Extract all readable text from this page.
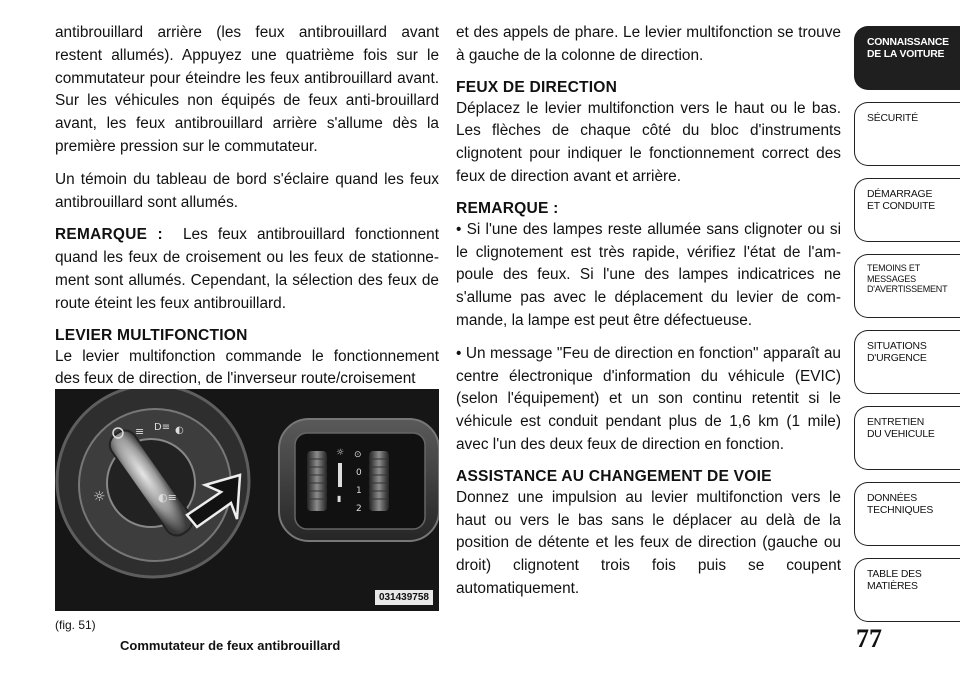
antibrouillard arrière (les feux antibrouillard avant restent allumés). Appuyez une quatrième fois sur le commutateur pour éteindre les feux antibrouillard avant. Sur les véhicules non équipés de feux anti-brouillard avant, les feux antibrouillard arrière s'allume dès la première pression sur le commutateur.

Un témoin du tableau de bord s'éclaire quand les feux antibrouillard sont allumés.

REMARQUE : Les feux antibrouillard fonctionnent quand les feux de croisement ou les feux de stationne-ment sont allumés. Cependant, la sélection des feux de route éteint les feux antibrouillard.

LEVIER MULTIFONCTION

Le levier multifonction commande le fonctionnement des feux de direction, de l'inverseur route/croisement

et des appels de phare. Le levier multifonction se trouve à gauche de la colonne de direction.

FEUX DE DIRECTION

Déplacez le levier multifonction vers le haut ou le bas. Les flèches de chaque côté du bloc d'instruments clignotent pour indiquer le fonctionnement correct des feux de direction avant et arrière.

REMARQUE :

• Si l'une des lampes reste allumée sans clignoter ou si le clignotement est très rapide, vérifiez l'état de l'am-poule des feux. Si l'une des lampes indicatrices ne s'allume pas avec le déplacement du levier de com-mande, la lampe est peut être défectueuse.

• Un message "Feu de direction en fonction" apparaît au centre électronique d'information du véhicule (EVIC) (selon l'équipement) et un son continu retentit si le véhicule est conduit pendant plus de 1,6 km (1 mile) avec l'un des deux feux de direction en fonction.

ASSISTANCE AU CHANGEMENT DE VOIE

Donnez une impulsion au levier multifonction vers le haut ou vers le bas sans le déplacer au delà de la position de détente et les feux de direction (gauche ou droit) clignotent trois fois puis se coupent automatiquement.

≡ D≡ ◐
☼	◐≡
☼
▮
⊙
0
1
2
031439758
(fig. 51)
Commutateur de feux antibrouillard	77
CONNAISSANCE
DE LA VOITURE
SÉCURITÉ
DÉMARRAGE
ET CONDUITE
TEMOINS ET
MESSAGES
D'AVERTISSEMENT
SITUATIONS
D'URGENCE
ENTRETIEN
DU VEHICULE
DONNÉES
TECHNIQUES
TABLE DES
MATIÈRES
